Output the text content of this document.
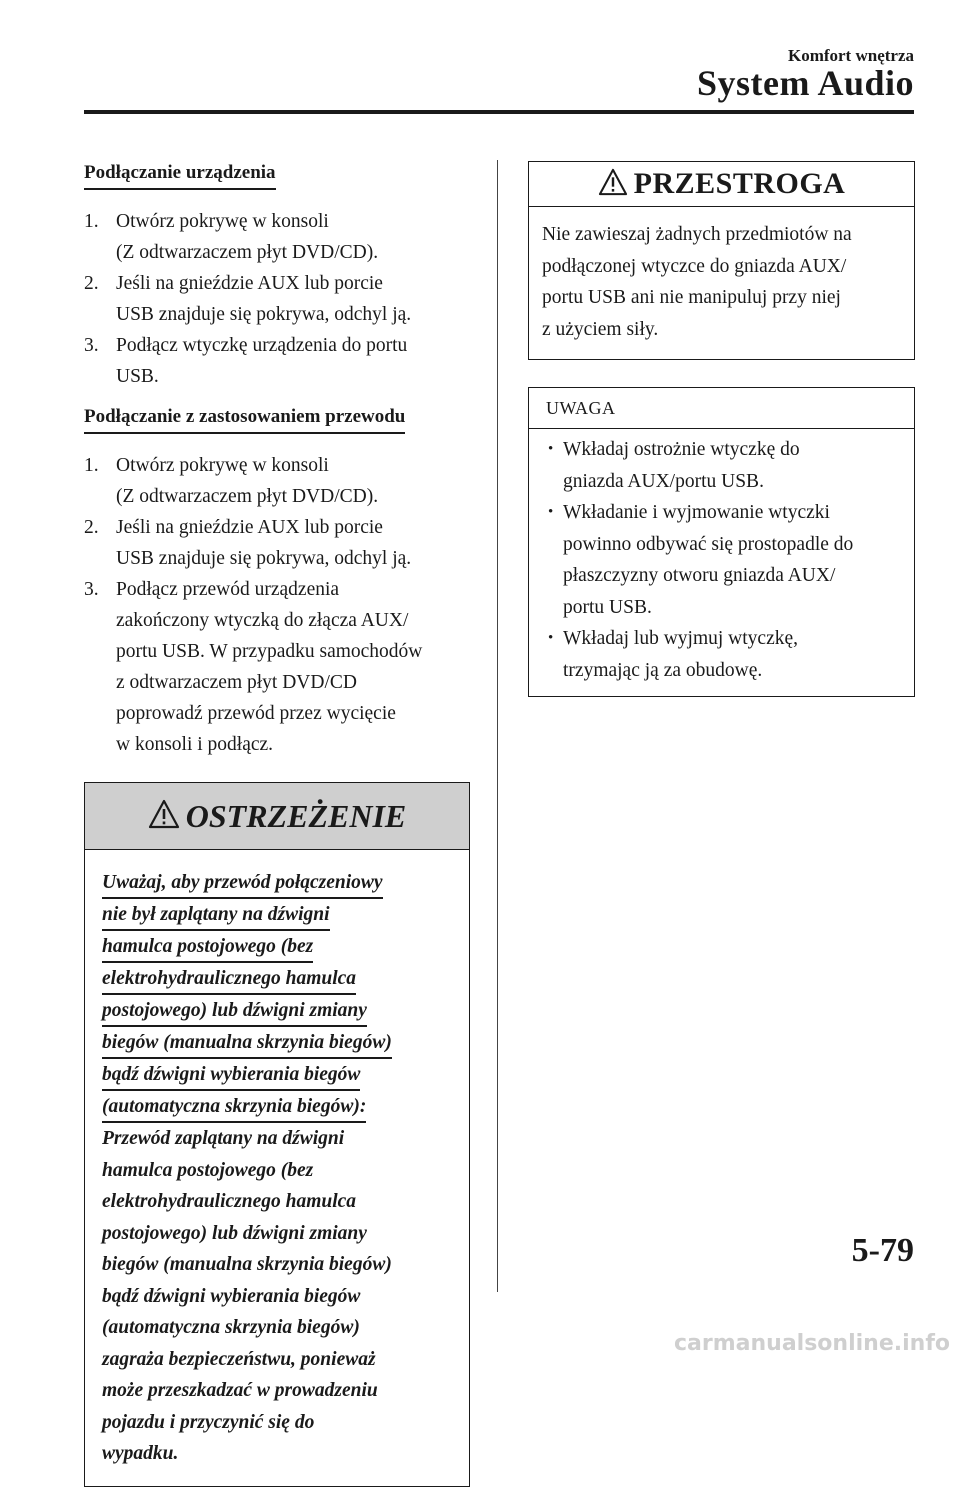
Komfort wnętrza
System Audio
Podłączanie urządzenia
1. Otwórz pokrywę w konsoli
(Z odtwarzaczem płyt DVD/CD).
2. Jeśli na gnieździe AUX lub porcie
USB znajduje się pokrywa, odchyl ją.
3. Podłącz wtyczkę urządzenia do portu
USB.
Podłączanie z zastosowaniem przewodu
1. Otwórz pokrywę w konsoli
(Z odtwarzaczem płyt DVD/CD).
2. Jeśli na gnieździe AUX lub porcie
USB znajduje się pokrywa, odchyl ją.
3. Podłącz przewód urządzenia
zakończony wtyczką do złącza AUX/
portu USB. W przypadku samochodów
z odtwarzaczem płyt DVD/CD
poprowadź przewód przez wycięcie
w konsoli i podłącz.
OSTRZEŻENIE
Uważaj, aby przewód połączeniowy
nie był zaplątany na dźwigni
hamulca postojowego (bez
elektrohydraulicznego hamulca
postojowego) lub dźwigni zmiany
biegów (manualna skrzynia biegów)
bądź dźwigni wybierania biegów
(automatyczna skrzynia biegów):
Przewód zaplątany na dźwigni
hamulca postojowego (bez
elektrohydraulicznego hamulca
postojowego) lub dźwigni zmiany
biegów (manualna skrzynia biegów)
bądź dźwigni wybierania biegów
(automatyczna skrzynia biegów)
zagraża bezpieczeństwu, ponieważ
może przeszkadzać w prowadzeniu
pojazdu i przyczynić się do
wypadku.
PRZESTROGA
Nie zawieszaj żadnych przedmiotów na
podłączonej wtyczce do gniazda AUX/
portu USB ani nie manipuluj przy niej
z użyciem siły.
UWAGA
• Wkładaj ostrożnie wtyczkę do
gniazda AUX/portu USB.
• Wkładanie i wyjmowanie wtyczki
powinno odbywać się prostopadle do
płaszczyzny otworu gniazda AUX/
portu USB.
• Wkładaj lub wyjmuj wtyczkę,
trzymając ją za obudowę.
5-79
carmanualsonline.info
